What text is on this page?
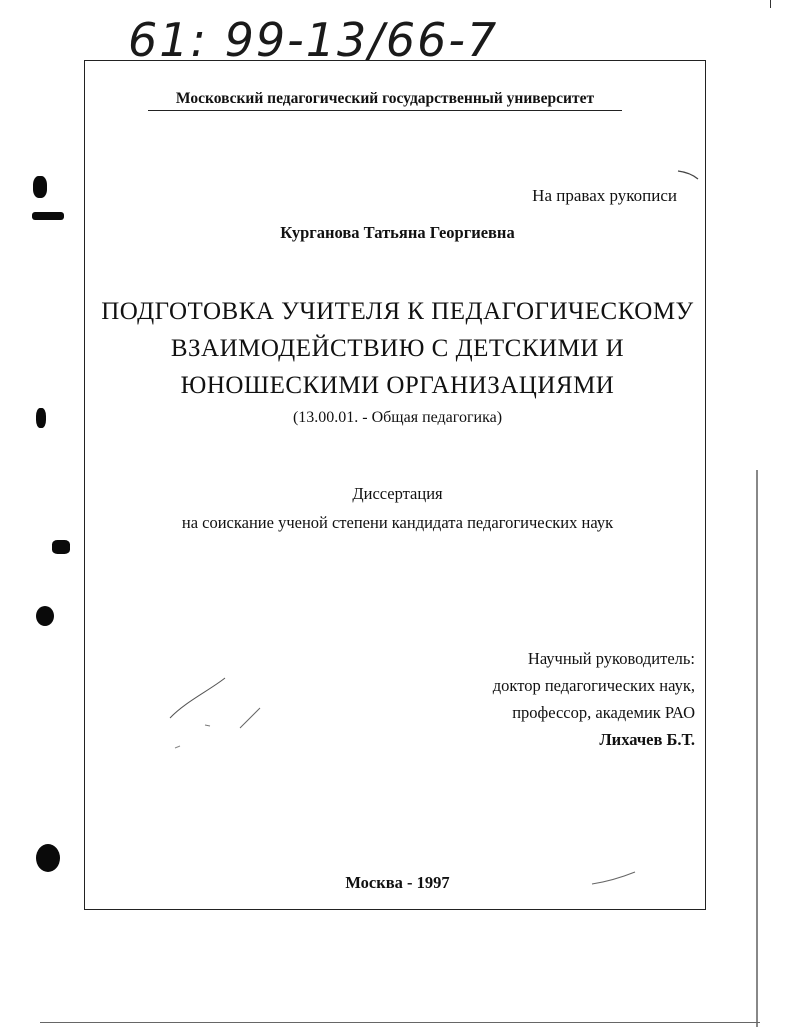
61: 99-13/66-7
Московский педагогический государственный университет
На правах рукописи
Курганова Татьяна Георгиевна
ПОДГОТОВКА УЧИТЕЛЯ К ПЕДАГОГИЧЕСКОМУ
ВЗАИМОДЕЙСТВИЮ С ДЕТСКИМИ И
ЮНОШЕСКИМИ ОРГАНИЗАЦИЯМИ
(13.00.01. - Общая педагогика)
Диссертация
на соискание ученой степени кандидата педагогических наук
Научный руководитель:
доктор педагогических наук,
профессор, академик РАО
Лихачев Б.Т.
Москва - 1997
